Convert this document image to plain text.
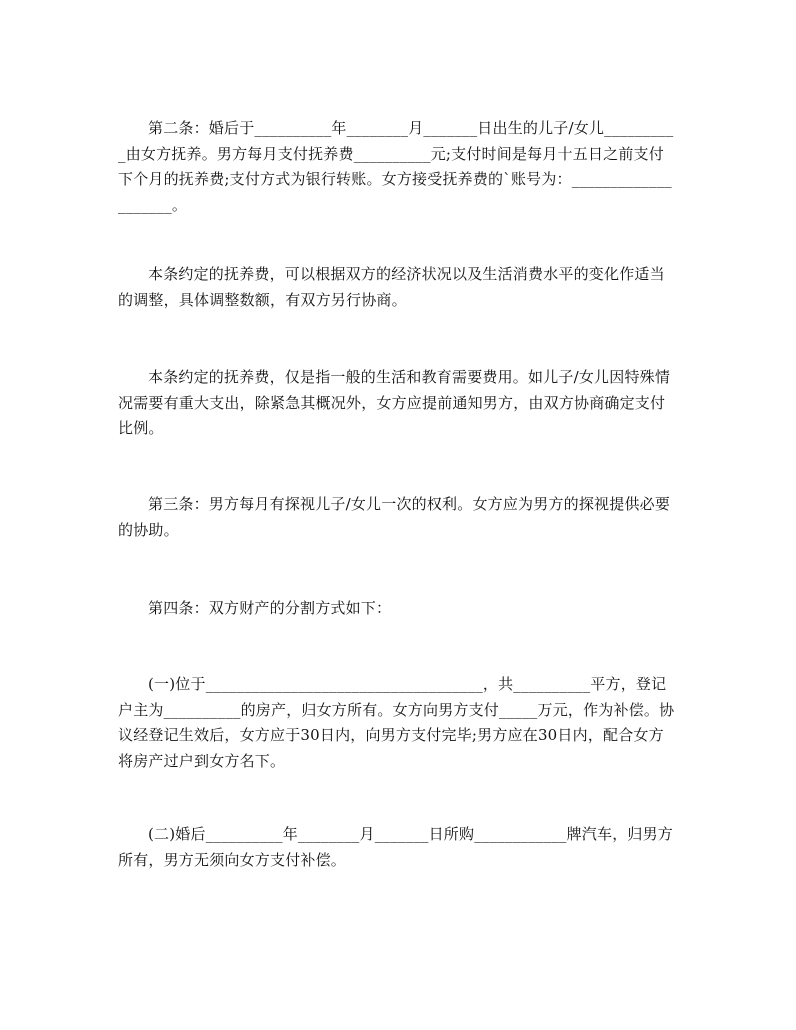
第二条：婚后于__________年________月_______日出生的儿子/女儿__________由女方抚养。男方每月支付抚养费__________元;支付时间是每月十五日之前支付下个月的抚养费;支付方式为银行转账。女方接受抚养费的`账号为：____________________。
本条约定的抚养费，可以根据双方的经济状况以及生活消费水平的变化作适当的调整，具体调整数额，有双方另行协商。
本条约定的抚养费，仅是指一般的生活和教育需要费用。如儿子/女儿因特殊情况需要有重大支出，除紧急其概况外，女方应提前通知男方，由双方协商确定支付比例。
第三条：男方每月有探视儿子/女儿一次的权利。女方应为男方的探视提供必要的协助。
第四条：双方财产的分割方式如下：
(一)位于____________________________________，共__________平方，登记户主为__________的房产，归女方所有。女方向男方支付_____万元，作为补偿。协议经登记生效后，女方应于30日内，向男方支付完毕;男方应在30日内，配合女方将房产过户到女方名下。
(二)婚后__________年________月_______日所购____________牌汽车，归男方所有，男方无须向女方支付补偿。
